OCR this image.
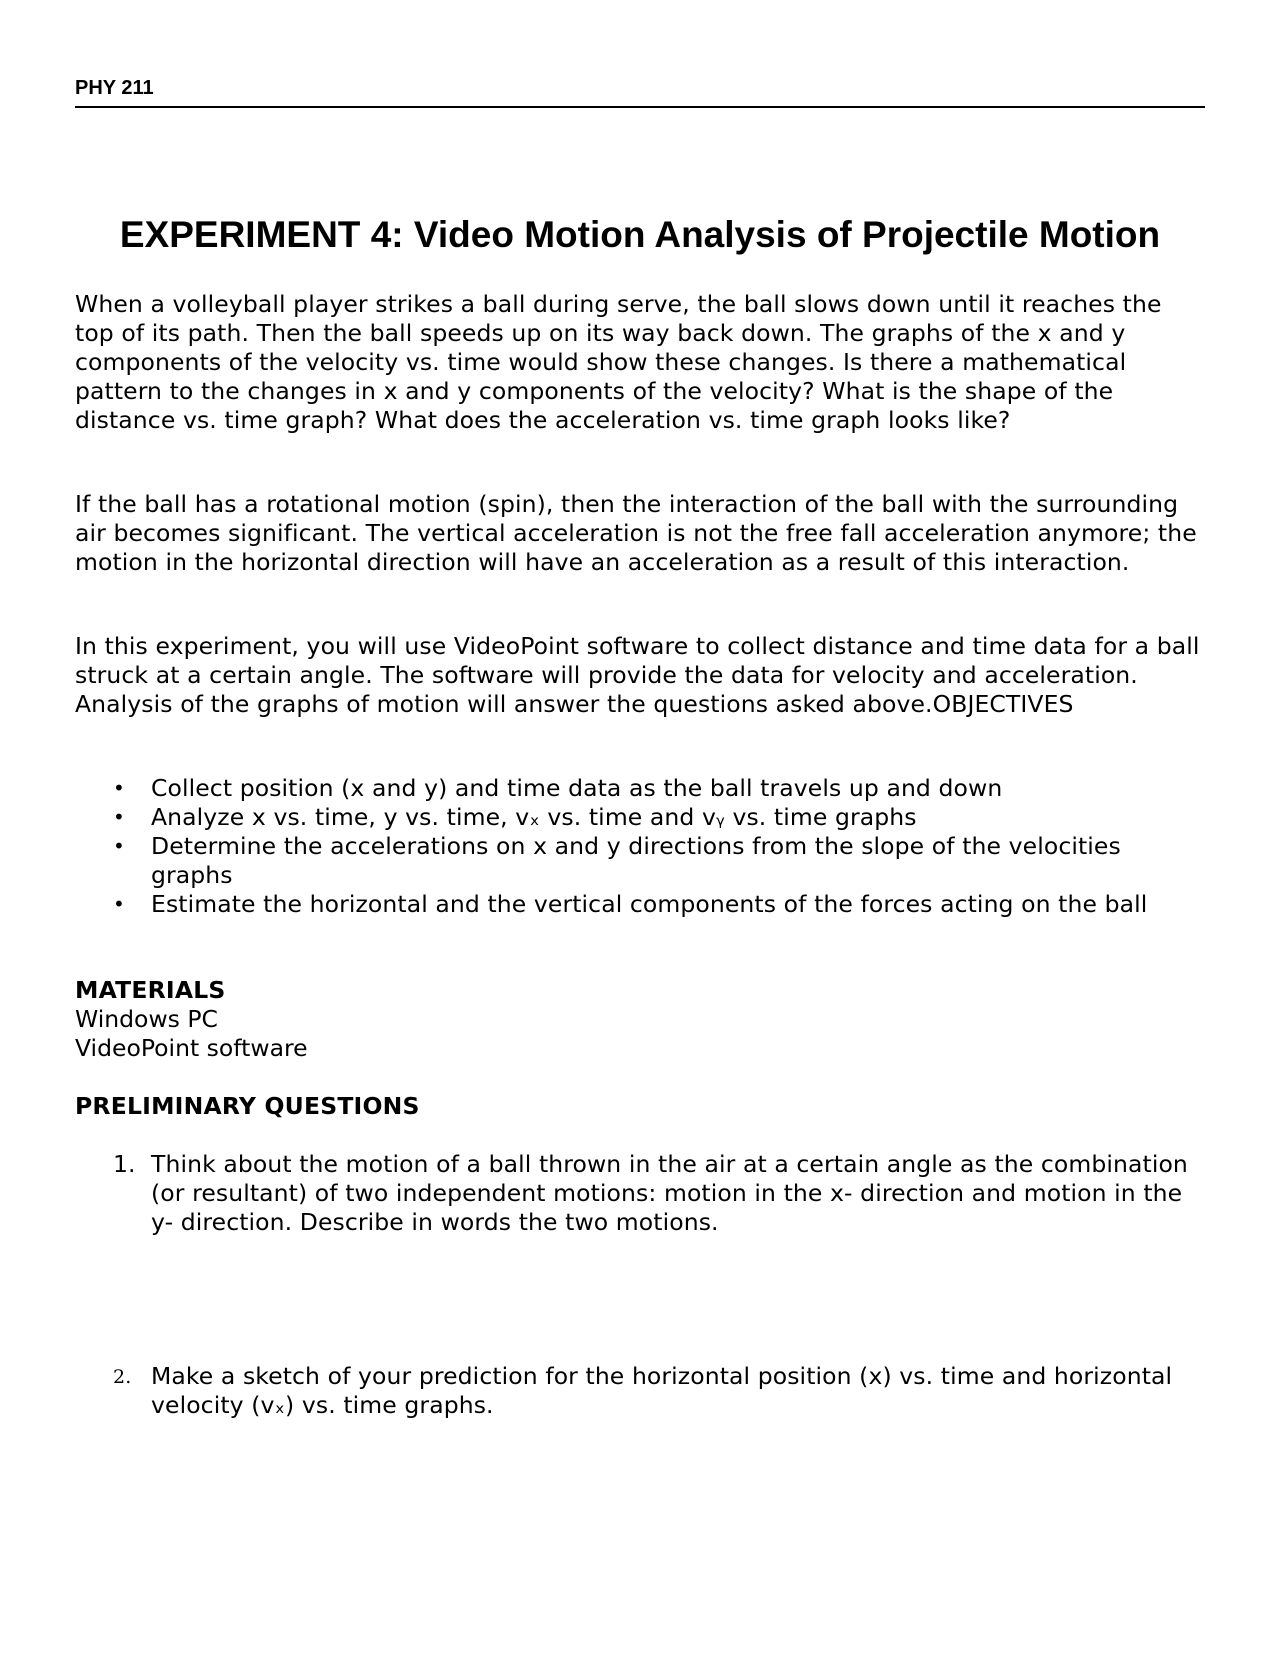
PHY 211
EXPERIMENT 4: Video Motion Analysis of Projectile Motion

When a volleyball player strikes a ball during serve, the ball slows down until it reaches the top of its path. Then the ball speeds up on its way back down. The graphs of the x and y components of the velocity vs. time would show these changes. Is there a mathematical pattern to the changes in x and y components of the velocity? What is the shape of the distance vs. time graph? What does the acceleration vs. time graph looks like?

If the ball has a rotational motion (spin), then the interaction of the ball with the surrounding air becomes significant. The vertical acceleration is not the free fall acceleration anymore; the motion in the horizontal direction will have an acceleration as a result of this interaction.

In this experiment, you will use VideoPoint software to collect distance and time data for a ball struck at a certain angle. The software will provide the data for velocity and acceleration. Analysis of the graphs of motion will answer the questions asked above.OBJECTIVES

• Collect position (x and y) and time data as the ball travels up and down
• Analyze x vs. time, y vs. time, vₓ vs. time and vᵧ vs. time graphs
• Determine the accelerations on x and y directions from the slope of the velocities graphs
• Estimate the horizontal and the vertical components of the forces acting on the ball
MATERIALS
Windows PC
VideoPoint software
PRELIMINARY QUESTIONS
1. Think about the motion of a ball thrown in the air at a certain angle as the combination (or resultant) of two independent motions: motion in the x- direction and motion in the y- direction. Describe in words the two motions.
2. Make a sketch of your prediction for the horizontal position (x) vs. time and horizontal velocity (vₓ) vs. time graphs.
